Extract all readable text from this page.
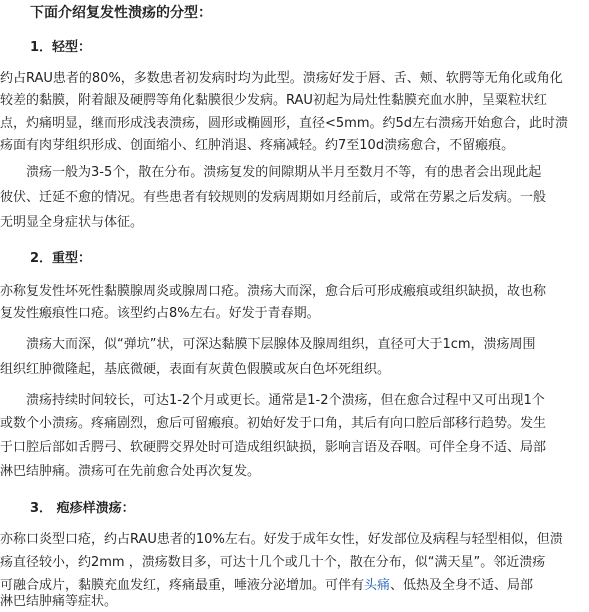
下面介绍复发性溃疡的分型：
1．轻型：
约占RAU患者的80%，多数患者初发病时均为此型。溃疡好发于唇、舌、颊、软腭等无角化或角化
较差的黏膜，附着龈及硬腭等角化黏膜很少发病。RAU初起为局灶性黏膜充血水肿，呈粟粒状红
点，灼痛明显，继而形成浅表溃疡，圆形或椭圆形，直径<5mm。约5d左右溃疡开始愈合，此时溃
疡面有肉芽组织形成、创面缩小、红肿消退、疼痛减轻。约7至10d溃疡愈合，不留瘢痕。
溃疡一般为3-5个，散在分布。溃疡复发的间隙期从半月至数月不等，有的患者会出现此起
彼伏、迁延不愈的情况。有些患者有较规则的发病周期如月经前后，或常在劳累之后发病。一般
无明显全身症状与体征。
2．重型：
亦称复发性坏死性黏膜腺周炎或腺周口疮。溃疡大而深，愈合后可形成瘢痕或组织缺损，故也称
复发性瘢痕性口疮。该型约占8%左右。好发于青春期。
溃疡大而深，似“弹坑”状，可深达黏膜下层腺体及腺周组织，直径可大于1cm，溃疡周围
组织红肿微隆起，基底微硬，表面有灰黄色假膜或灰白色坏死组织。
溃疡持续时间较长，可达1-2个月或更长。通常是1-2个溃疡，但在愈合过程中又可出现1个
或数个小溃疡。疼痛剧烈，愈后可留瘢痕。初始好发于口角，其后有向口腔后部移行趋势。发生
于口腔后部如舌腭弓、软硬腭交界处时可造成组织缺损，影响言语及吞咽。可伴全身不适、局部
淋巴结肿痛。溃疡可在先前愈合处再次复发。
3． 疱疹样溃疡：
亦称口炎型口疮，约占RAU患者的10%左右。好发于成年女性，好发部位及病程与轻型相似，但溃
疡直径较小，约2mm ，溃疡数目多，可达十几个或几十个，散在分布，似“满天星”。邻近溃疡
可融合成片，黏膜充血发红，疼痛最重，唾液分泌增加。可伴有头痛、低热及全身不适、局部
淋巴结肿痛等症状。
